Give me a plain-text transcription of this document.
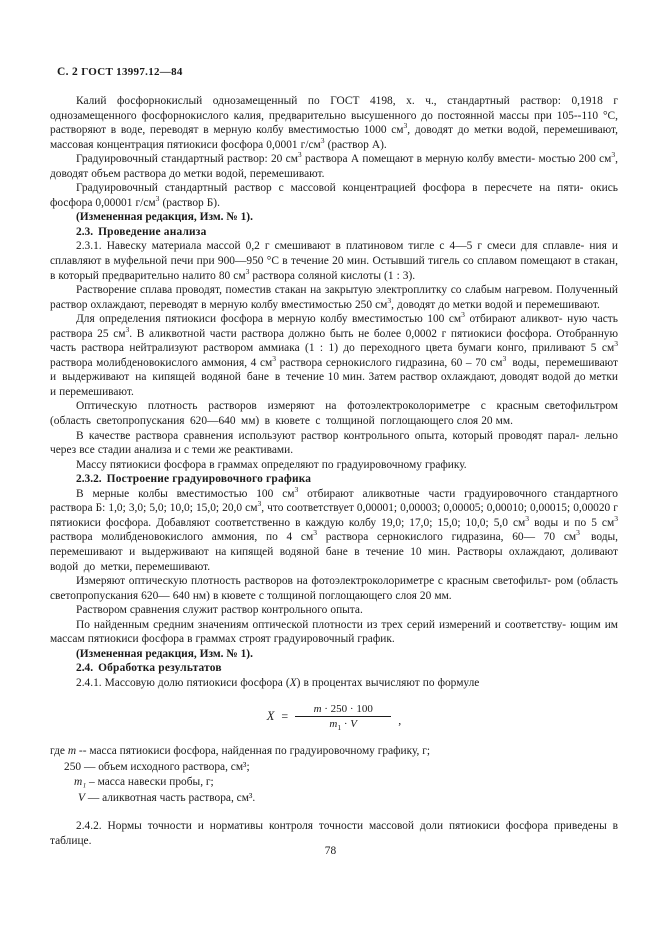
С. 2 ГОСТ 13997.12—84

Калий фосфорнокислый однозамещенный по ГОСТ 4198, х. ч., стандартный раствор: 0,1918 г однозамещенного фосфорнокислого калия, предварительно высушенного до постоянной массы при 105--110 °С, растворяют в воде, переводят в мерную колбу вместимостью 1000 $см^3$, доводят до метки водой, перемешивают, массовая концентрация пятиокиси фосфора 0,0001 $г/см^3$ (раствор А).

Градуировочный стандартный раствор: 20 $см^3$ раствора А помещают в мерную колбу вмести- мостью 200 $см^3$, доводят объем раствора до метки водой, перемешивают.

Градуировочный стандартный раствор с массовой концентрацией фосфора в пересчете на пяти- окись фосфора 0,00001 $г/см^3$ (раствор Б).

(Измененная редакция, Изм. № 1).

2.3. Проведение анализа

2.3.1. Навеску материала массой 0,2 г смешивают в платиновом тигле с 4—5 г смеси для сплавле- ния и сплавляют в муфельной печи при 900—950 °С в течение 20 мин. Остывший тигель со сплавом помещают в стакан, в который предварительно налито 80 $см^3$ раствора соляной кислоты (1 : 3).

Растворение сплава проводят, поместив стакан на закрытую электроплитку со слабым нагревом. Полученный раствор охлаждают, переводят в мерную колбу вместимостью 250 $см^3$, доводят до метки водой и перемешивают.

Для определения пятиокиси фосфора в мерную колбу вместимостью 100 $см^3$ отбирают аликвот- ную часть раствора 25 $см^3$. В аликвотной части раствора должно быть не более 0,0002 г пятиокиси фосфора. Отобранную часть раствора нейтрализуют раствором аммиака (1 : 1) до переходного цвета бумаги конго, приливают 5 $см^3$ раствора молибденовокислого аммония, 4 $см^3$ раствора сернокислого гидразина, 60 – 70 $см^3$ воды, перемешивают и выдерживают на кипящей водяной бане в течение 10 мин. Затем раствор охлаждают, доводят водой до метки и перемешивают.

Оптическую плотность растворов измеряют на фотоэлектроколориметре с красным светофильтром (область светопропускания 620—640 мм) в кювете с толщиной поглощающего слоя 20 мм.

В качестве раствора сравнения используют раствор контрольного опыта, который проводят парал- лельно через все стадии анализа и с теми же реактивами.

Массу пятиокиси фосфора в граммах определяют по градуировочному графику.

2.3.2. Построение градуировочного графика

В мерные колбы вместимостью 100 $см^3$ отбирают аликвотные части градуировочного стандартного раствора Б: 1,0; 3,0; 5,0; 10,0; 15,0; 20,0 $см^3$, что соответствует 0,00001; 0,00003; 0,00005; 0,00010; 0,00015; 0,00020 г пятиокиси фосфора. Добавляют соответственно в каждую колбу 19,0; 17,0; 15,0; 10,0; 5,0 $см^3$ воды и по 5 $см^3$ раствора молибденовокислого аммония, по 4 $см^3$ раствора сернокислого гидразина, 60— 70 $см^3$ воды, перемешивают и выдерживают на кипящей водяной бане в течение 10 мин. Растворы охлаждают, доливают водой до метки, перемешивают.

Измеряют оптическую плотность растворов на фотоэлектроколориметре с красным светофильт- ром (область светопропускания 620— 640 нм) в кювете с толщиной поглощающего слоя 20 мм.

Раствором сравнения служит раствор контрольного опыта.

По найденным средним значениям оптической плотности из трех серий измерений и соответству- ющим им массам пятиокиси фосфора в граммах строят градуировочный график.

(Измененная редакция, Изм. № 1).

2.4. Обработка результатов

2.4.1. Массовую долю пятиокиси фосфора (X) в процентах вычисляют по формуле

$X = \frac{m \cdot 250 \cdot 100}{m_1 \cdot V}$ ,
где m -- масса пятиокиси фосфора, найденная по градуировочному графику, г;
250 — объем исходного раствора, см³;
m₁ – масса навески пробы, г;
V — аликвотная часть раствора, см³.

2.4.2. Нормы точности и нормативы контроля точности массовой доли пятиокиси фосфора приведены в таблице.

78
